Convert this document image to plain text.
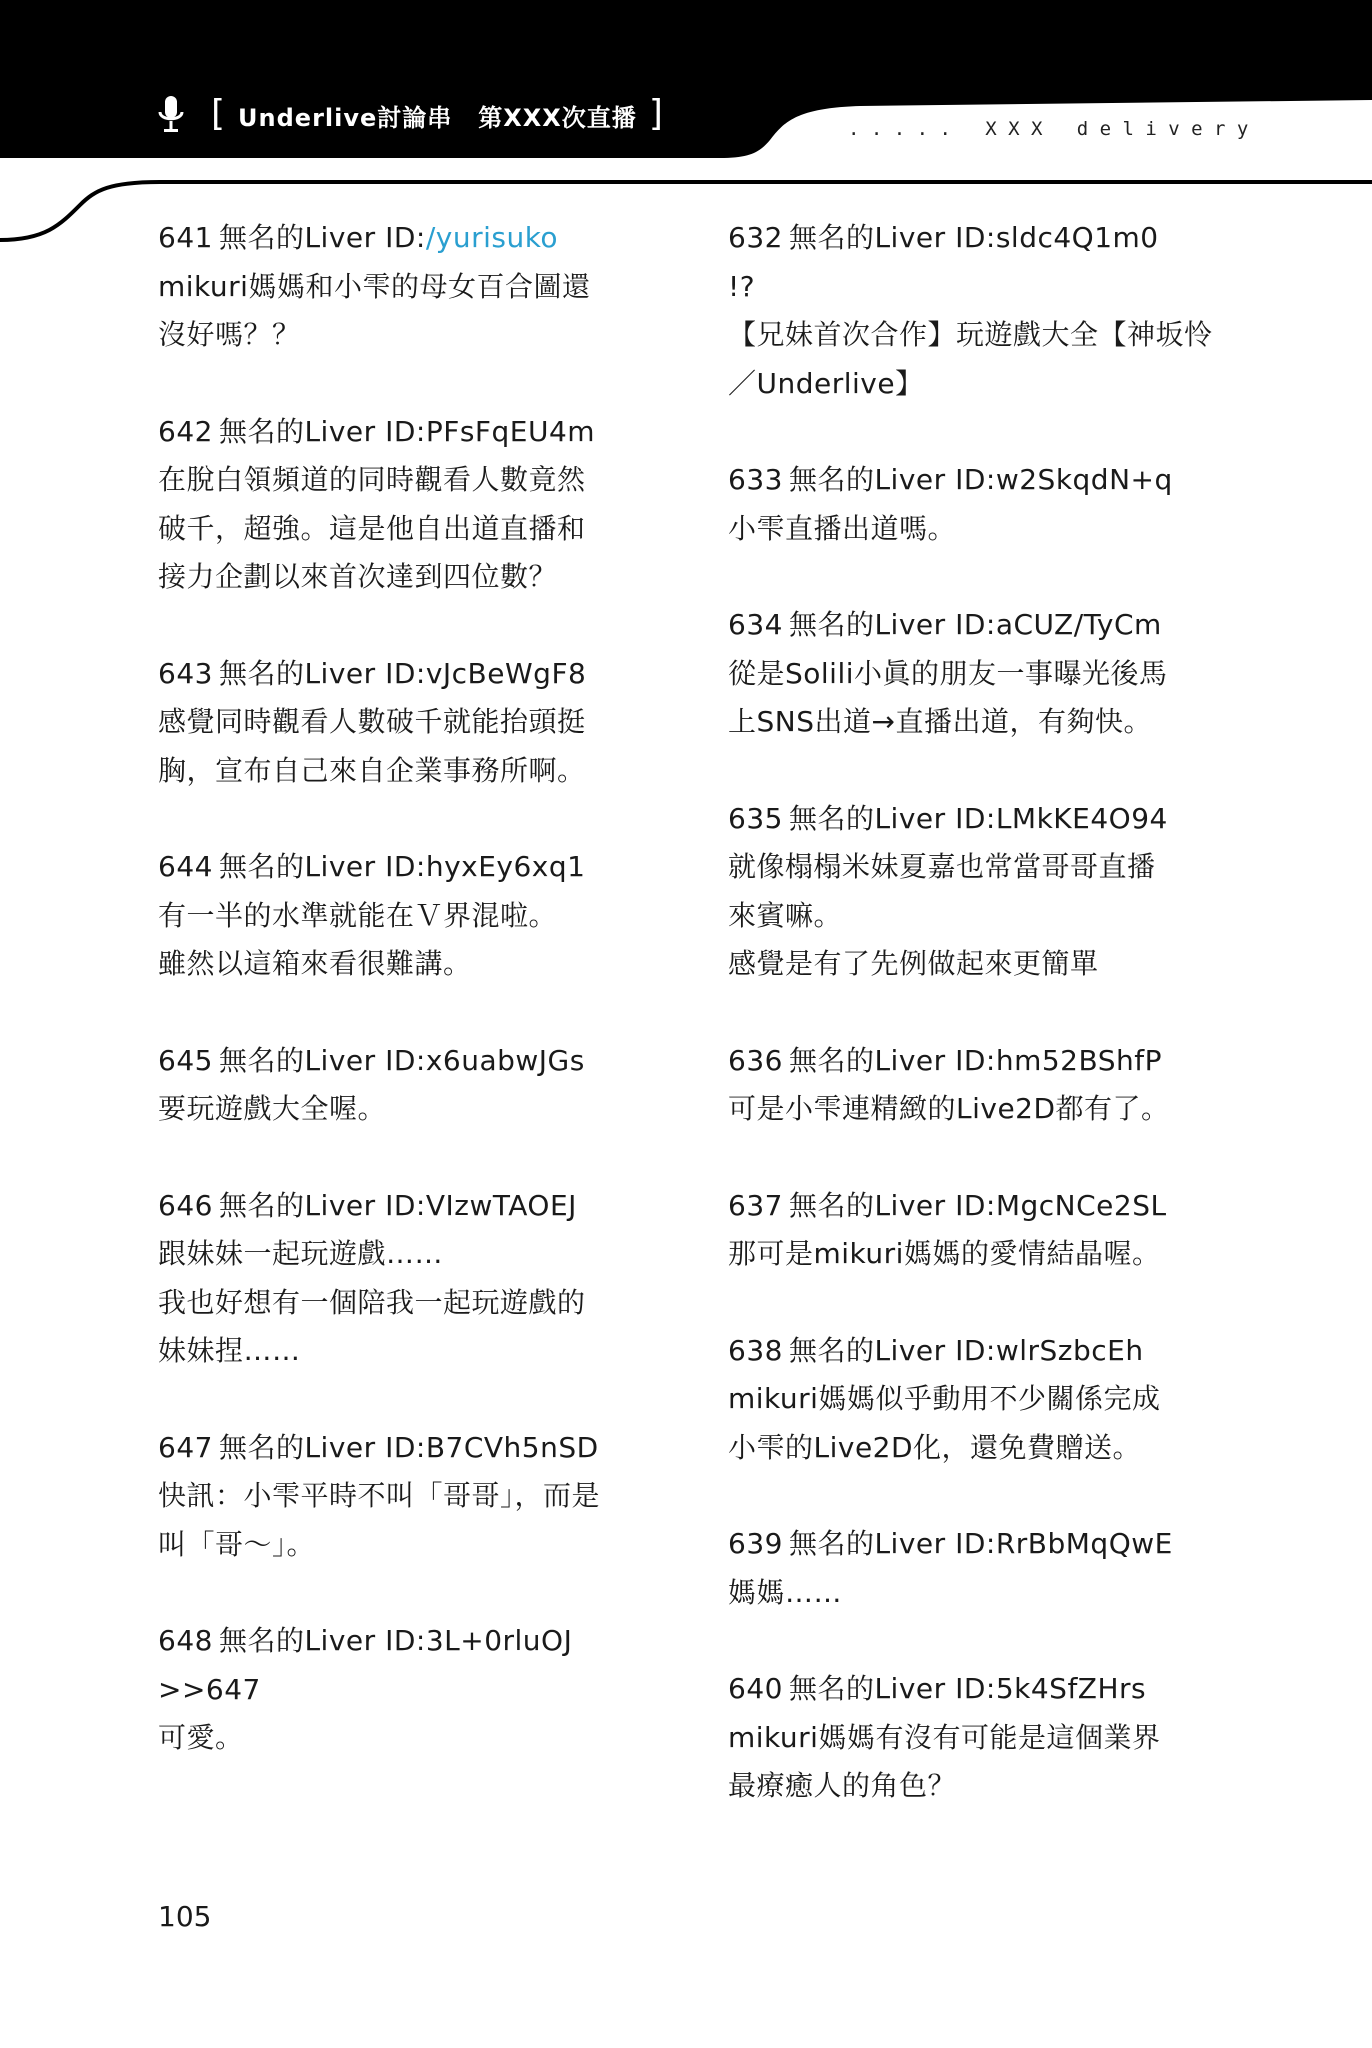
[ Underlive討論串 第XXX次直播 ]	. . . . .   X X X   d e l i v e r y
641 無名的Liver ID:/yurisuko
mikuri媽媽和小雫的母女百合圖還
沒好嗎？？
642 無名的Liver ID:PFsFqEU4m
在脫白領頻道的同時觀看人數竟然
破千，超強。這是他自出道直播和
接力企劃以來首次達到四位數？
643 無名的Liver ID:vJcBeWgF8
感覺同時觀看人數破千就能抬頭挺
胸，宣布自己來自企業事務所啊。
644 無名的Liver ID:hyxEy6xq1
有一半的水準就能在Ｖ界混啦。
雖然以這箱來看很難講。
645 無名的Liver ID:x6uabwJGs
要玩遊戲大全喔。
646 無名的Liver ID:VIzwTAOEJ
跟妹妹一起玩遊戲……
我也好想有一個陪我一起玩遊戲的
妹妹捏……
647 無名的Liver ID:B7CVh5nSD
快訊：小雫平時不叫「哥哥」，而是
叫「哥～」。
648 無名的Liver ID:3L+0rluOJ
>>647
可愛。
632 無名的Liver ID:sldc4Q1m0
!?
【兄妹首次合作】玩遊戲大全【神坂怜
／Underlive】
633 無名的Liver ID:w2SkqdN+q
小雫直播出道嗎。
634 無名的Liver ID:aCUZ/TyCm
從是Solili小眞的朋友一事曝光後馬
上SNS出道→直播出道，有夠快。
635 無名的Liver ID:LMkKE4O94
就像榻榻米妹夏嘉也常當哥哥直播
來賓嘛。
感覺是有了先例做起來更簡單
636 無名的Liver ID:hm52BShfP
可是小雫連精緻的Live2D都有了。
637 無名的Liver ID:MgcNCe2SL
那可是mikuri媽媽的愛情結晶喔。
638 無名的Liver ID:wlrSzbcEh
mikuri媽媽似乎動用不少關係完成
小雫的Live2D化，還免費贈送。
639 無名的Liver ID:RrBbMqQwE
媽媽……
640 無名的Liver ID:5k4SfZHrs
mikuri媽媽有沒有可能是這個業界
最療癒人的角色？
105
